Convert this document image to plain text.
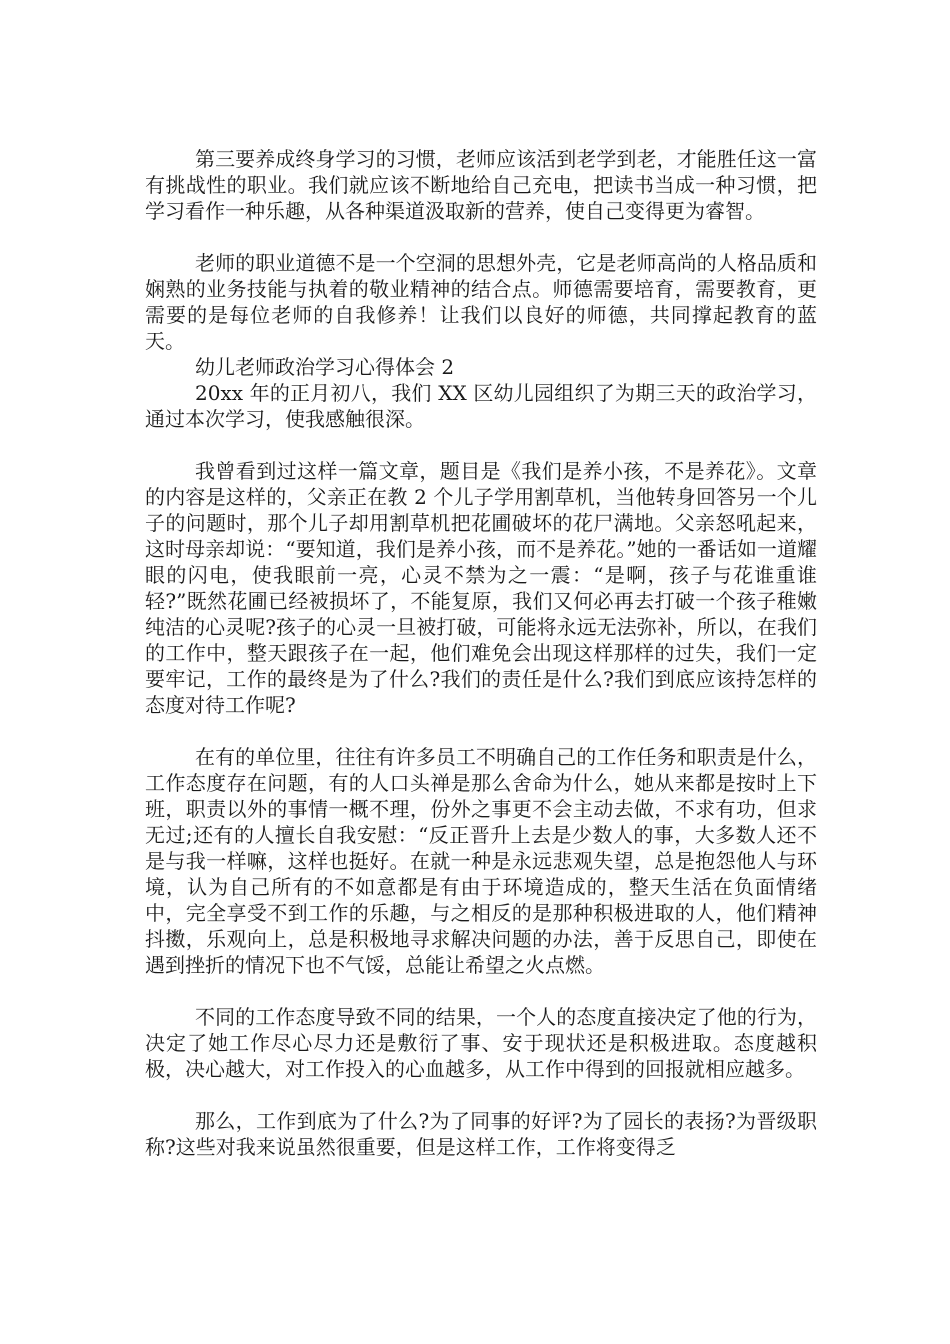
第三要养成终身学习的习惯，老师应该活到老学到老，才能胜任这一富有挑战性的职业。我们就应该不断地给自己充电，把读书当成一种习惯，把学习看作一种乐趣，从各种渠道汲取新的营养，使自己变得更为睿智。

老师的职业道德不是一个空洞的思想外壳，它是老师高尚的人格品质和娴熟的业务技能与执着的敬业精神的结合点。师德需要培育，需要教育，更需要的是每位老师的自我修养！让我们以良好的师德，共同撑起教育的蓝天。

幼儿老师政治学习心得体会 2

20xx 年的正月初八，我们 XX 区幼儿园组织了为期三天的政治学习，通过本次学习，使我感触很深。

我曾看到过这样一篇文章，题目是《我们是养小孩，不是养花》。文章的内容是这样的，父亲正在教 2 个儿子学用割草机，当他转身回答另一个儿子的问题时，那个儿子却用割草机把花圃破坏的花尸满地。父亲怒吼起来，这时母亲却说：“要知道，我们是养小孩，而不是养花。”她的一番话如一道耀眼的闪电，使我眼前一亮，心灵不禁为之一震：“是啊，孩子与花谁重谁轻?”既然花圃已经被损坏了，不能复原，我们又何必再去打破一个孩子稚嫩纯洁的心灵呢?孩子的心灵一旦被打破，可能将永远无法弥补，所以，在我们的工作中，整天跟孩子在一起，他们难免会出现这样那样的过失，我们一定要牢记，工作的最终是为了什么?我们的责任是什么?我们到底应该持怎样的态度对待工作呢?

在有的单位里，往往有许多员工不明确自己的工作任务和职责是什么，工作态度存在问题，有的人口头禅是那么舍命为什么，她从来都是按时上下班，职责以外的事情一概不理，份外之事更不会主动去做，不求有功，但求无过;还有的人擅长自我安慰：“反正晋升上去是少数人的事，大多数人还不是与我一样嘛，这样也挺好。在就一种是永远悲观失望，总是抱怨他人与环境，认为自己所有的不如意都是有由于环境造成的，整天生活在负面情绪中，完全享受不到工作的乐趣，与之相反的是那种积极进取的人，他们精神抖擞，乐观向上，总是积极地寻求解决问题的办法，善于反思自己，即使在遇到挫折的情况下也不气馁，总能让希望之火点燃。

不同的工作态度导致不同的结果，一个人的态度直接决定了他的行为，决定了她工作尽心尽力还是敷衍了事、安于现状还是积极进取。态度越积极，决心越大，对工作投入的心血越多，从工作中得到的回报就相应越多。

那么，工作到底为了什么?为了同事的好评?为了园长的表扬?为晋级职称?这些对我来说虽然很重要，但是这样工作，工作将变得乏
